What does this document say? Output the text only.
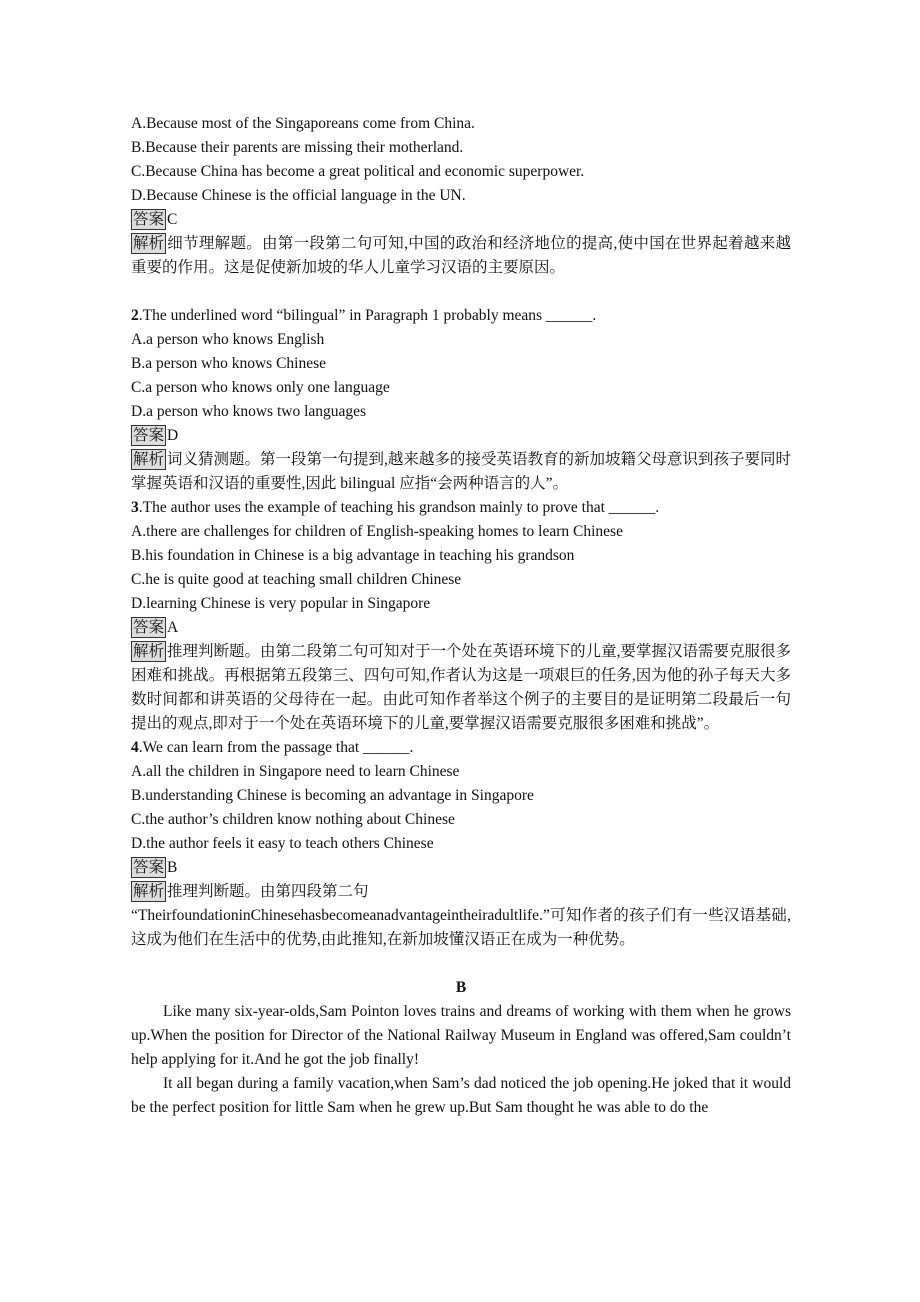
A.Because most of the Singaporeans come from China.
B.Because their parents are missing their motherland.
C.Because China has become a great political and economic superpower.
D.Because Chinese is the official language in the UN.
答案 C
解析 细节理解题。由第一段第二句可知,中国的政治和经济地位的提高,使中国在世界起着越来越重要的作用。这是促使新加坡的华人儿童学习汉语的主要原因。
2.The underlined word “bilingual” in Paragraph 1 probably means ______.
A.a person who knows English
B.a person who knows Chinese
C.a person who knows only one language
D.a person who knows two languages
答案 D
解析 词义猜测题。第一段第一句提到,越来越多的接受英语教育的新加坡籍父母意识到孩子要同时掌握英语和汉语的重要性,因此 bilingual 应指“会两种语言的人”。
3.The author uses the example of teaching his grandson mainly to prove that ______.
A.there are challenges for children of English-speaking homes to learn Chinese
B.his foundation in Chinese is a big advantage in teaching his grandson
C.he is quite good at teaching small children Chinese
D.learning Chinese is very popular in Singapore
答案 A
解析 推理判断题。由第二段第二句可知对于一个处在英语环境下的儿童,要掌握汉语需要克服很多困难和挑战。再根据第五段第三、四句可知,作者认为这是一项艰巨的任务,因为他的孙子每天大多数时间都和讲英语的父母待在一起。由此可知作者举这个例子的主要目的是证明第二段最后一句提出的观点,即对于一个处在英语环境下的儿童,要掌握汉语需要克服很多困难和挑战”。
4.We can learn from the passage that ______.
A.all the children in Singapore need to learn Chinese
B.understanding Chinese is becoming an advantage in Singapore
C.the author’s children know nothing about Chinese
D.the author feels it easy to teach others Chinese
答案 B
解析 推理判断题。由第四段第二句
“TheirfoundationinChinesehasbecomeanadvantageintheiradultlife.”可知作者的孩子们有一些汉语基础,这成为他们在生活中的优势,由此推知,在新加坡懂汉语正在成为一种优势。
B
Like many six-year-olds,Sam Pointon loves trains and dreams of working with them when he grows up.When the position for Director of the National Railway Museum in England was offered,Sam couldn’t help applying for it.And he got the job finally!
It all began during a family vacation,when Sam’s dad noticed the job opening.He joked that it would be the perfect position for little Sam when he grew up.But Sam thought he was able to do the
